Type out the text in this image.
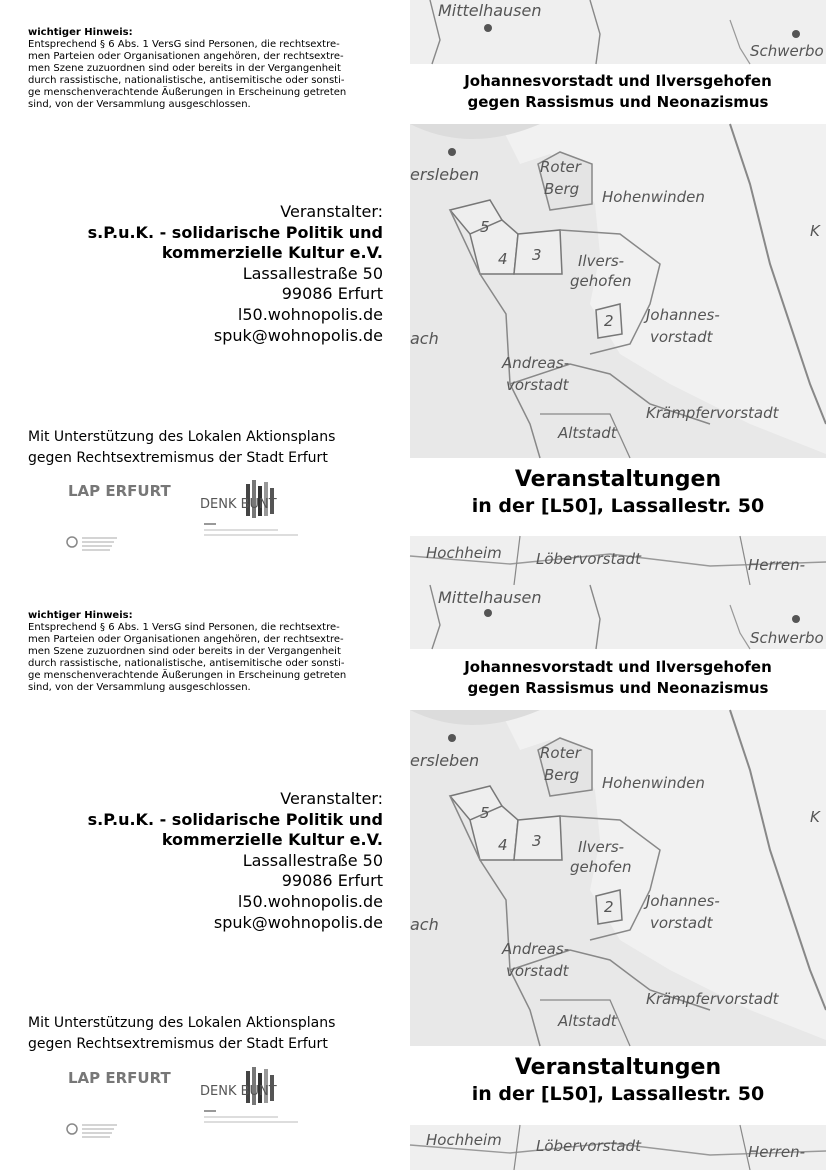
wichtiger Hinweis:
Entsprechend § 6 Abs. 1 VersG sind Personen, die rechtsextre-
men Parteien oder Organisationen angehören, der rechtsextre-
men Szene zuzuordnen sind oder bereits in der Vergangenheit
durch rassistische, nationalistische, antisemitische oder sonsti-
ge menschenverachtende Äußerungen in Erscheinung getreten
sind, von der Versammlung ausgeschlossen.
Veranstalter:
s.P.u.K. - solidarische Politik und
kommerzielle Kultur e.V.
Lassallestraße 50
99086 Erfurt
l50.wohnopolis.de
spuk@wohnopolis.de
Mit Unterstützung des Lokalen Aktionsplans
gegen Rechtsextremismus der Stadt Erfurt
LAP ERFURT
DENK BUNT
Mittelhausen
Schwerbo
Johannesvorstadt und Ilversgehofen
gegen Rassismus und Neonazismus
ersleben	Roter
Berg Hohenwinden
K
Ilvers-
gehofen
Johannes-
vorstadt
ach
Andreas-
vorstadt
Krämpfervorstadt
Altstadt
5
4 3
2
Veranstaltungen
in der [L50], Lassallestr. 50
Hochheim Löbervorstadt	Herren-
wichtiger Hinweis:
Entsprechend § 6 Abs. 1 VersG sind Personen, die rechtsextre-
men Parteien oder Organisationen angehören, der rechtsextre-
men Szene zuzuordnen sind oder bereits in der Vergangenheit
durch rassistische, nationalistische, antisemitische oder sonsti-
ge menschenverachtende Äußerungen in Erscheinung getreten
sind, von der Versammlung ausgeschlossen.
Veranstalter:
s.P.u.K. - solidarische Politik und
kommerzielle Kultur e.V.
Lassallestraße 50
99086 Erfurt
l50.wohnopolis.de
spuk@wohnopolis.de
Mit Unterstützung des Lokalen Aktionsplans
gegen Rechtsextremismus der Stadt Erfurt
LAP ERFURT
DENK BUNT
Mittelhausen
Schwerbo
Johannesvorstadt und Ilversgehofen
gegen Rassismus und Neonazismus
ersleben	Roter
Berg Hohenwinden
K
Ilvers-
gehofen
Johannes-
vorstadt
ach
Andreas-
vorstadt
Krämpfervorstadt
Altstadt
5
4 3
2
Veranstaltungen
in der [L50], Lassallestr. 50
Hochheim Löbervorstadt	Herren-
